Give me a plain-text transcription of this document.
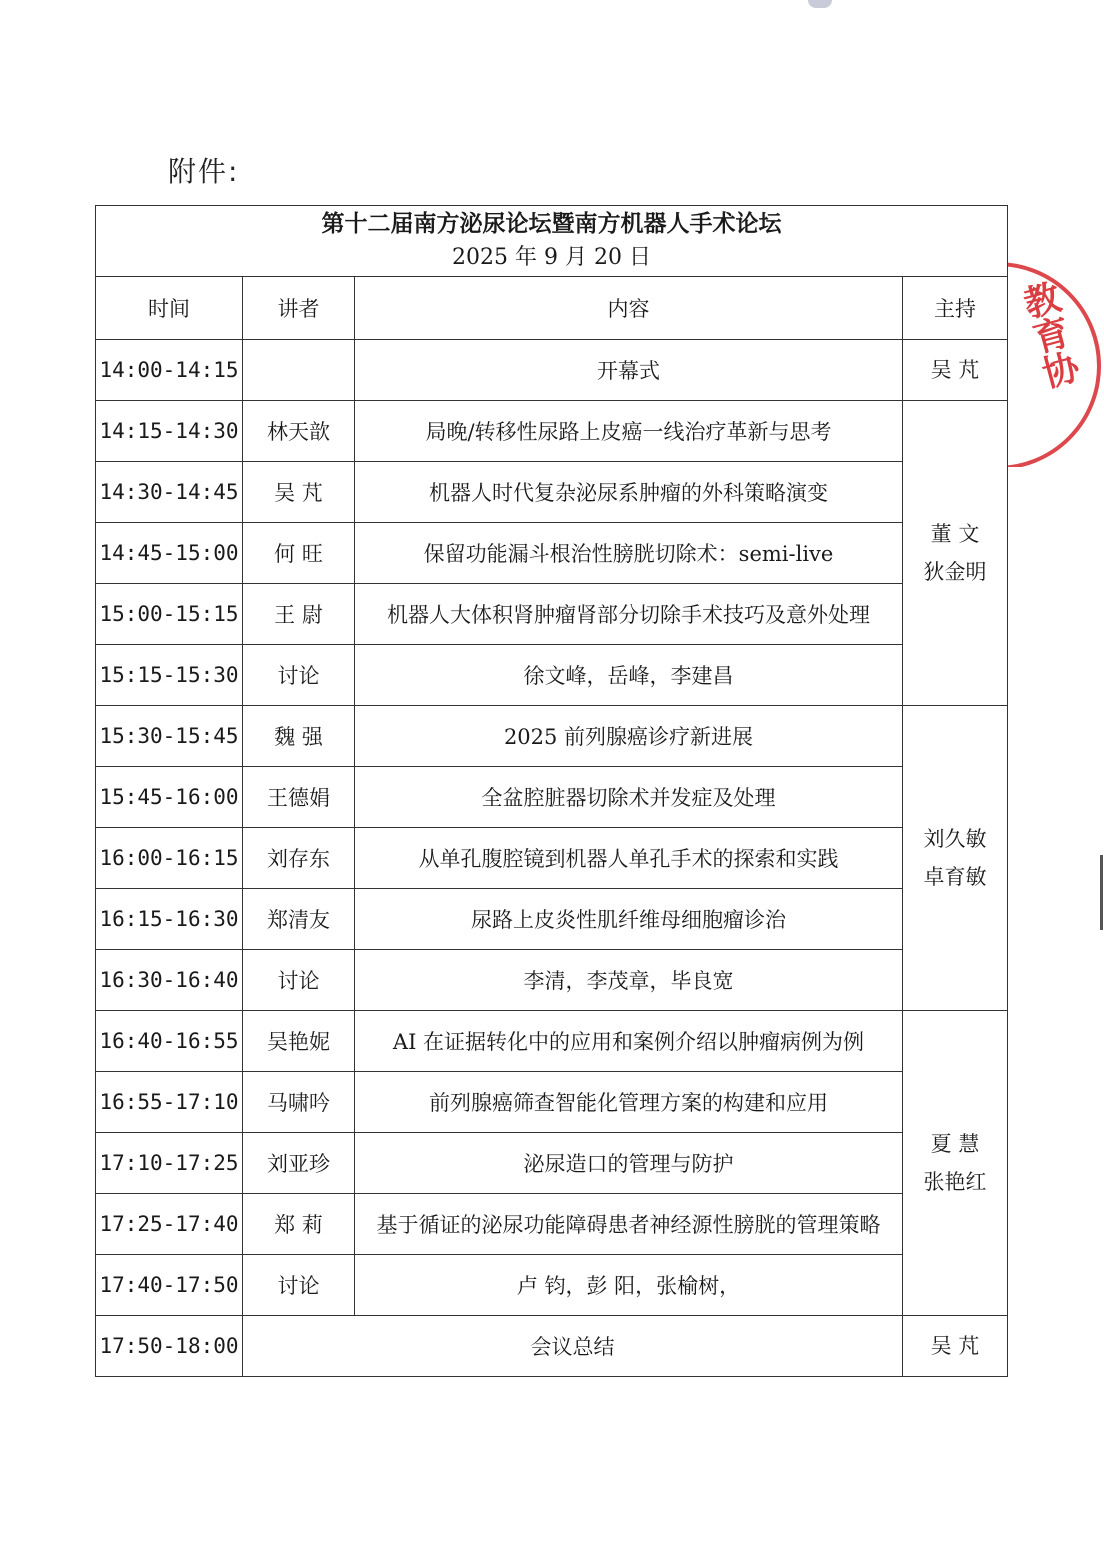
附件:
第十二届南方泌尿论坛暨南方机器人手术论坛
2025 年 9 月 20 日			

时间	讲者	内容	主持
14:00-14:15		开幕式	吴 芃
14:15-14:30	林天歆	局晚/转移性尿路上皮癌一线治疗革新与思考	董 文
狄金明

14:30-14:45	吴 芃	机器人时代复杂泌尿系肿瘤的外科策略演变	
14:45-15:00	何 旺	保留功能漏斗根治性膀胱切除术：semi-live	
15:00-15:15	王 尉	机器人大体积肾肿瘤肾部分切除手术技巧及意外处理	
15:15-15:30	讨论	徐文峰，岳峰，李建昌	
15:30-15:45	魏 强	2025 前列腺癌诊疗新进展	刘久敏
卓育敏

15:45-16:00	王德娟	全盆腔脏器切除术并发症及处理	
16:00-16:15	刘存东	从单孔腹腔镜到机器人单孔手术的探索和实践	
16:15-16:30	郑清友	尿路上皮炎性肌纤维母细胞瘤诊治	
16:30-16:40	讨论	李清，李茂章，毕良宽	
16:40-16:55	吴艳妮	AI 在证据转化中的应用和案例介绍以肿瘤病例为例	夏 慧
张艳红

16:55-17:10	马啸吟	前列腺癌筛查智能化管理方案的构建和应用	
17:10-17:25	刘亚珍	泌尿造口的管理与防护	
17:25-17:40	郑 莉	基于循证的泌尿功能障碍患者神经源性膀胱的管理策略	
17:40-17:50	讨论	卢 钧，彭 阳，张榆树，	
17:50-18:00	会议总结		吴 芃
教育协
